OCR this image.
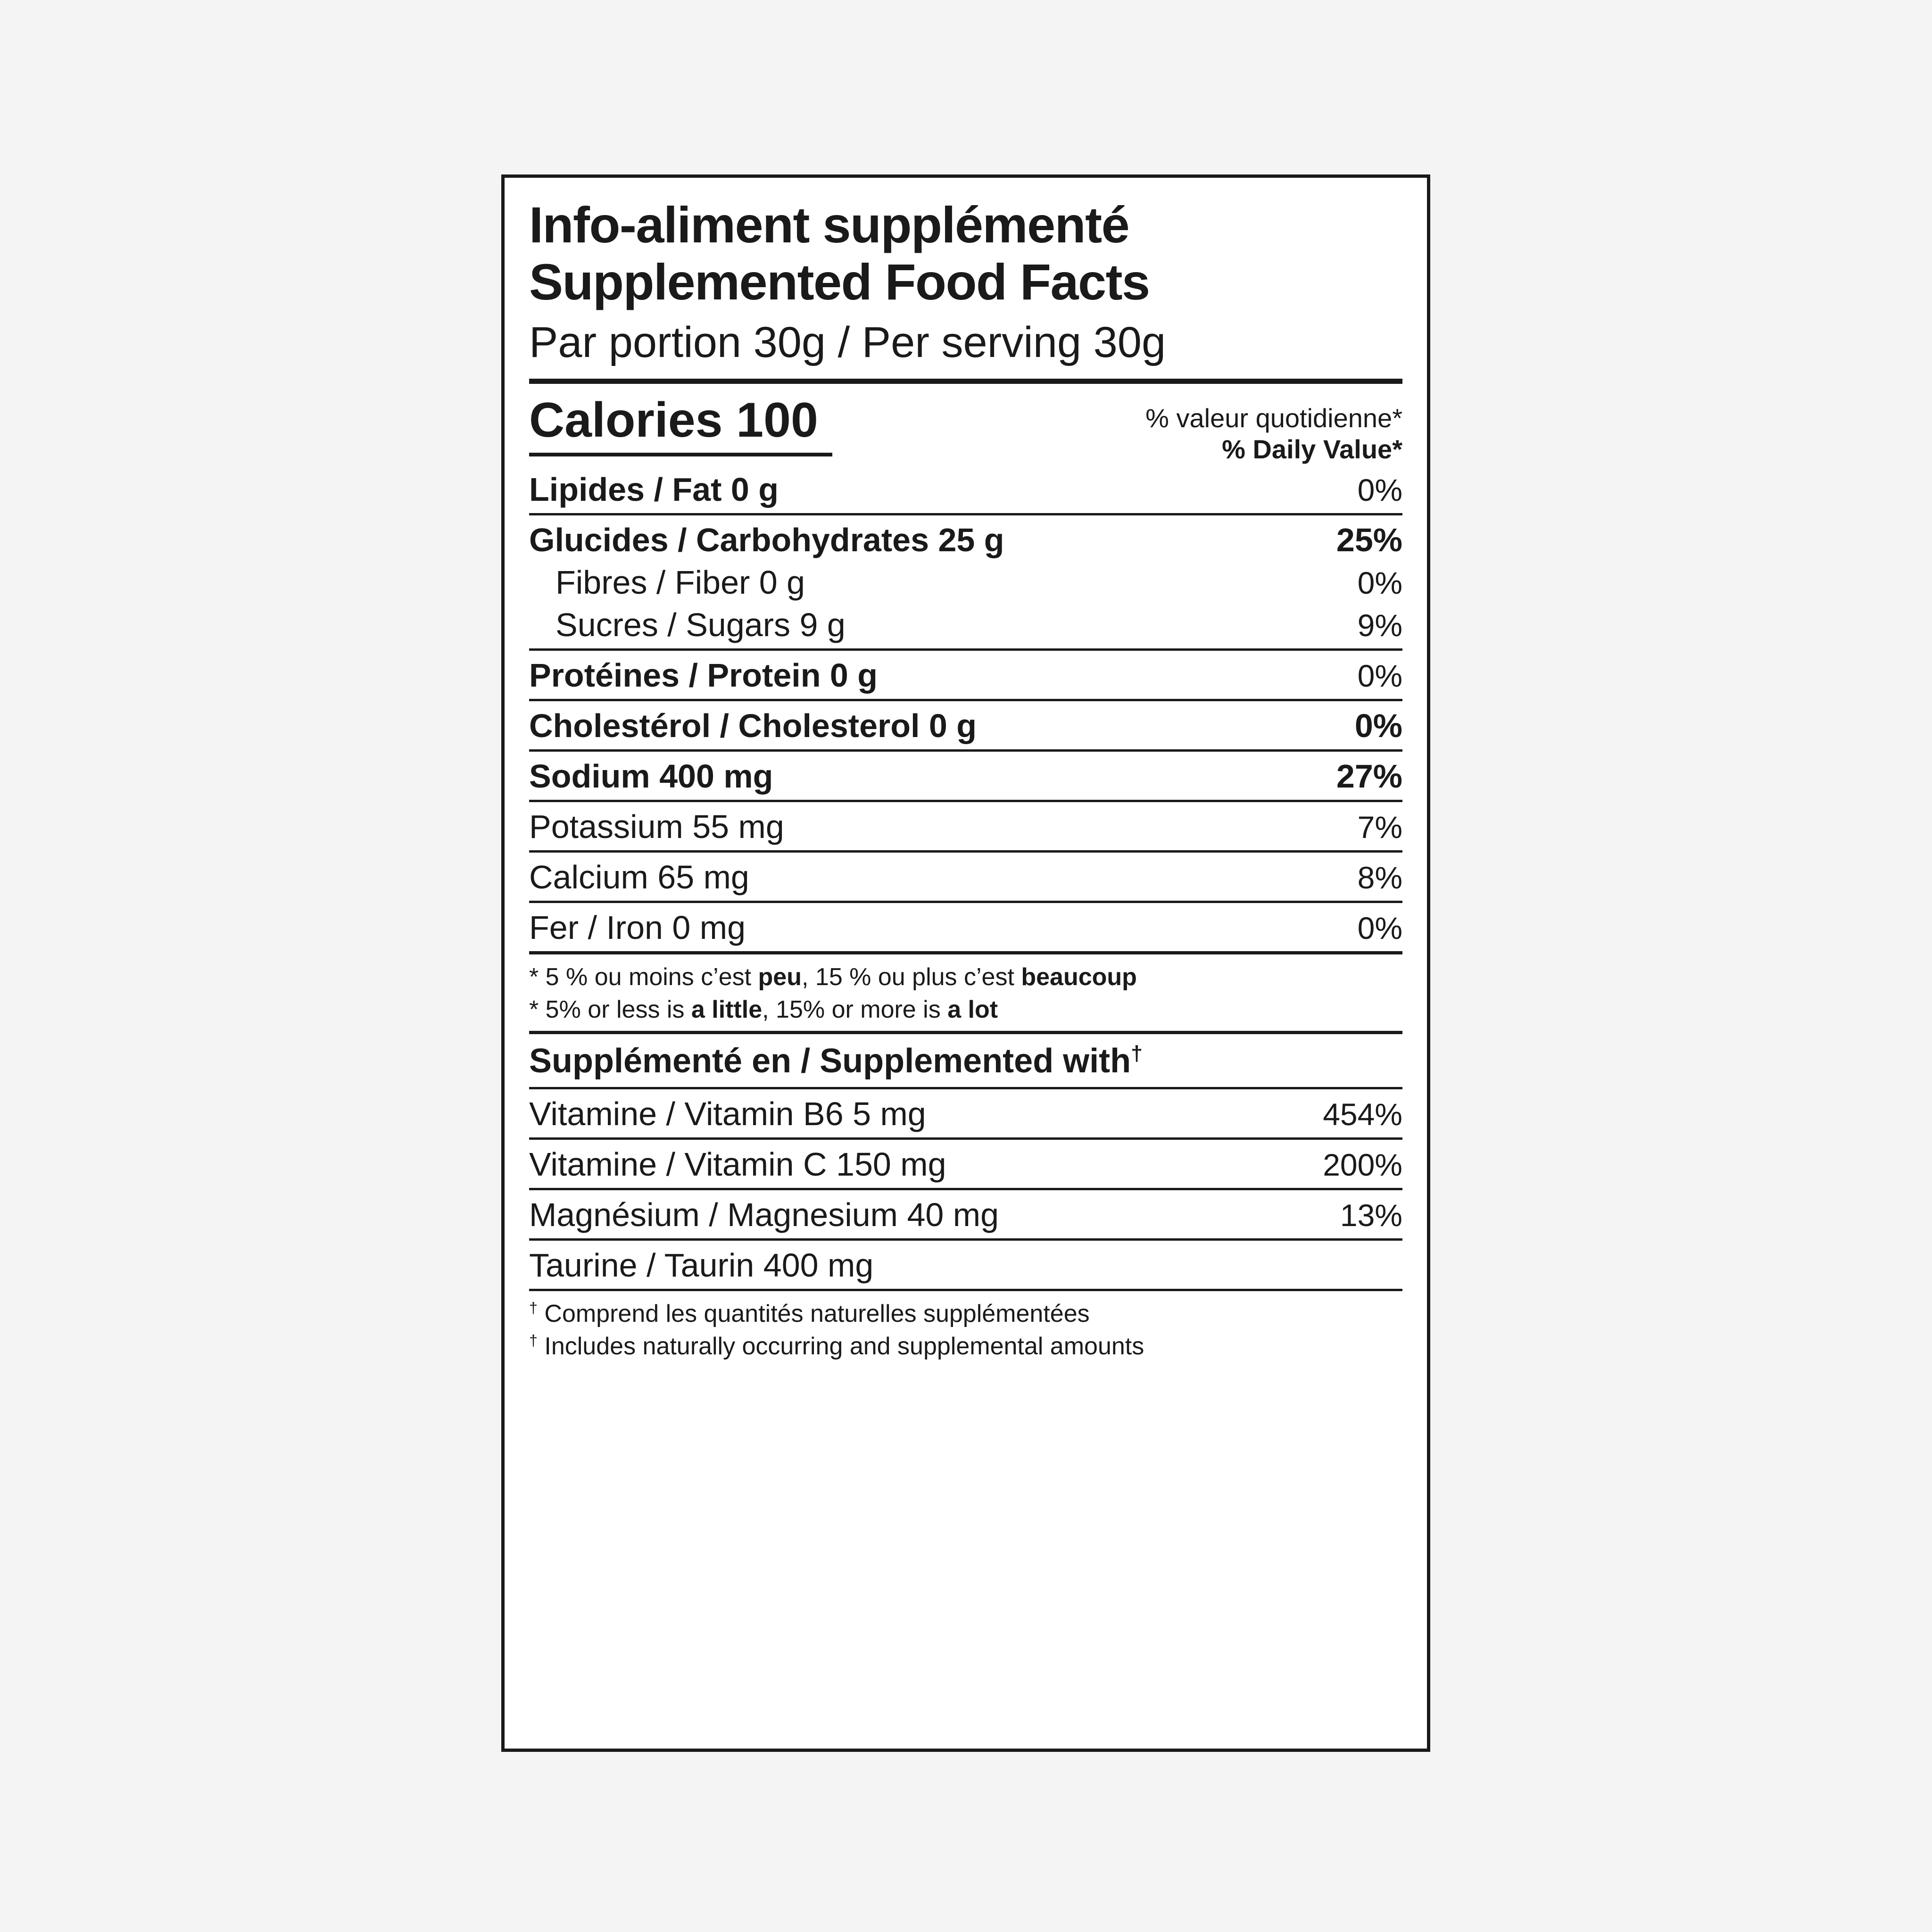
Info-aliment supplémenté
Supplemented Food Facts
Par portion 30g / Per serving 30g
Calories 100	% valeur quotidienne*
% Daily Value*
Lipides / Fat 0 g	0%
Glucides / Carbohydrates 25 g	25%
Fibres / Fiber 0 g	0%
Sucres / Sugars 9 g	9%
Protéines / Protein 0 g	0%
Cholestérol / Cholesterol 0 g	0%
Sodium 400 mg	27%
Potassium 55 mg	7%
Calcium 65 mg	8%
Fer / Iron 0 mg	0%
* 5 % ou moins c’est peu, 15 % ou plus c’est beaucoup
* 5% or less is a little, 15% or more is a lot
Supplémenté en / Supplemented with†
Vitamine / Vitamin B6 5 mg	454%
Vitamine / Vitamin C 150 mg	200%
Magnésium / Magnesium 40 mg	13%
Taurine / Taurin 400 mg
† Comprend les quantités naturelles supplémentées
† Includes naturally occurring and supplemental amounts
